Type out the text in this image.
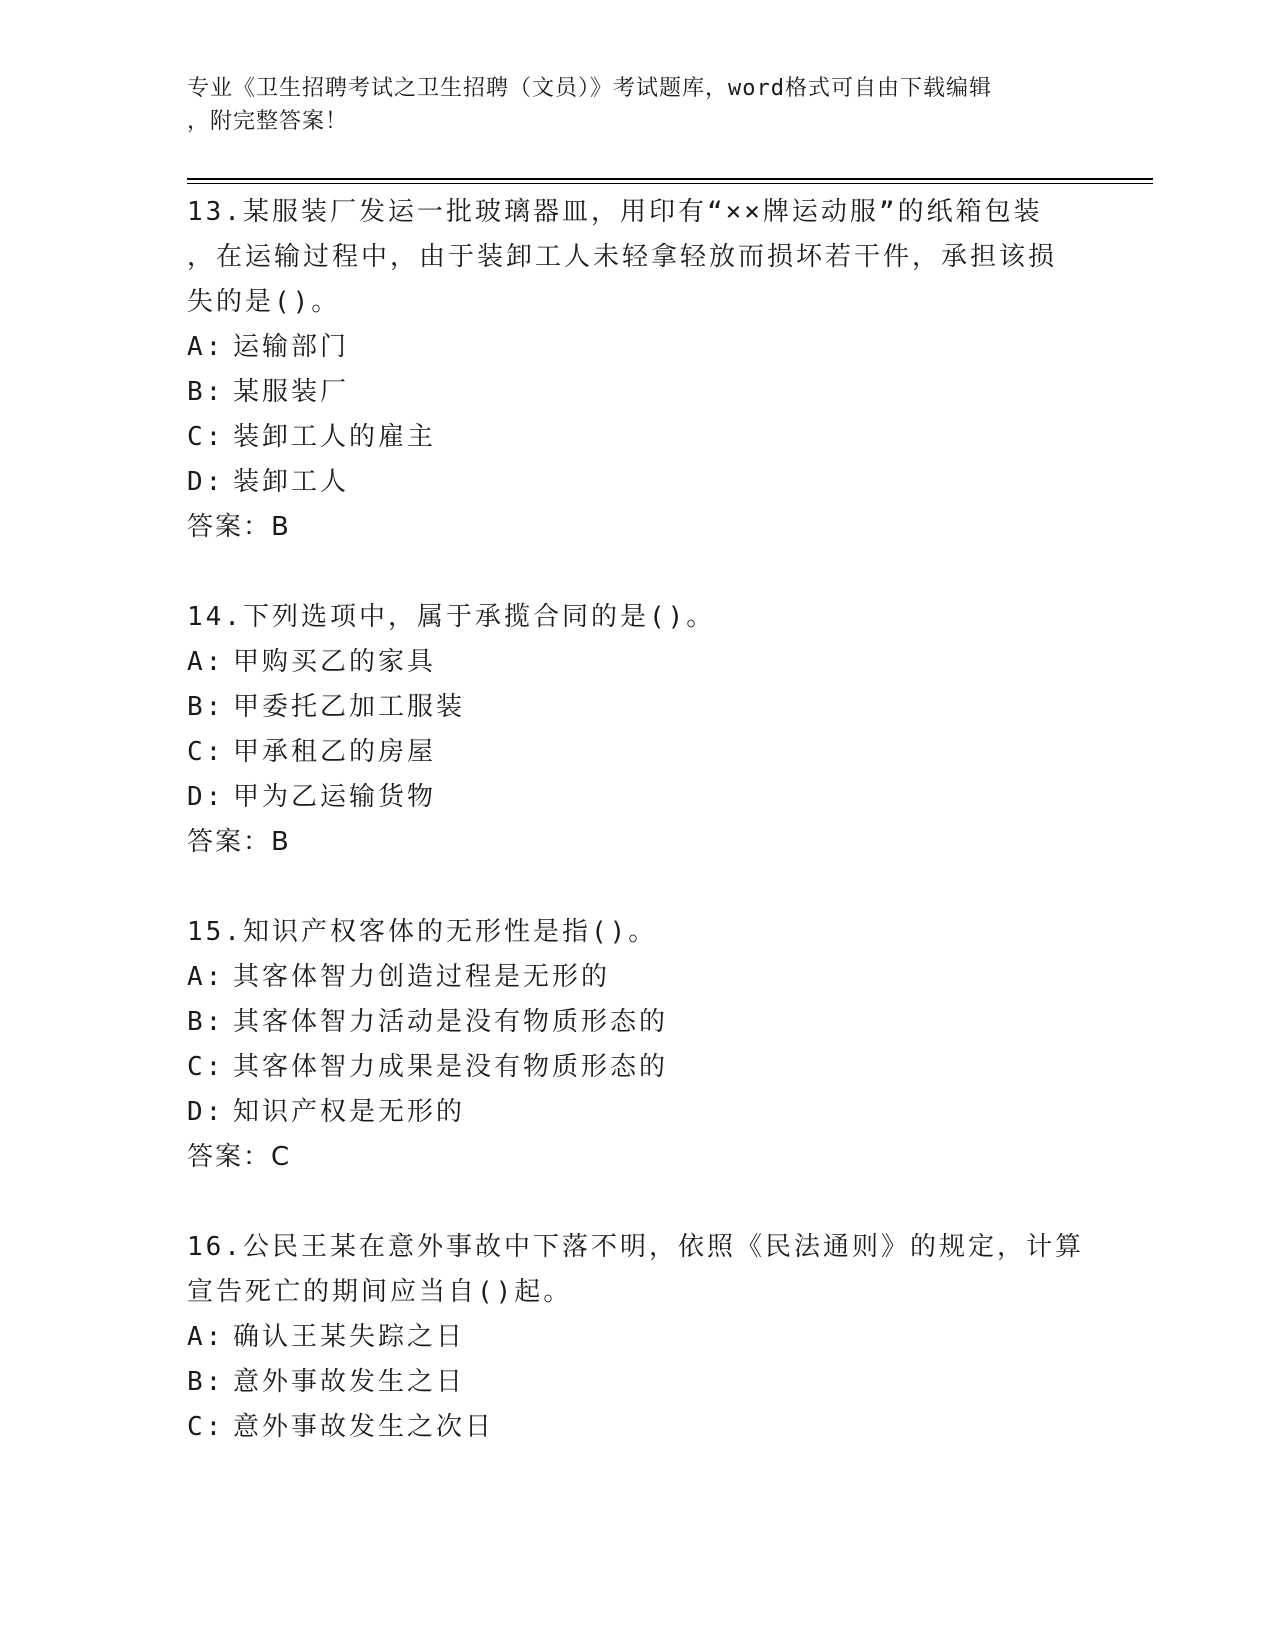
专业《卫生招聘考试之卫生招聘（文员）》考试题库，word格式可自由下载编辑
，附完整答案！
13.某服装厂发运一批玻璃器皿，用印有“××牌运动服”的纸箱包装
，在运输过程中，由于装卸工人未轻拿轻放而损坏若干件，承担该损
失的是()。
A: 运输部门
B: 某服装厂
C: 装卸工人的雇主
D: 装卸工人
答案：B
14.下列选项中，属于承揽合同的是()。
A: 甲购买乙的家具
B: 甲委托乙加工服装
C: 甲承租乙的房屋
D: 甲为乙运输货物
答案：B
15.知识产权客体的无形性是指()。
A: 其客体智力创造过程是无形的
B: 其客体智力活动是没有物质形态的
C: 其客体智力成果是没有物质形态的
D: 知识产权是无形的
答案：C
16.公民王某在意外事故中下落不明，依照《民法通则》的规定，计算
宣告死亡的期间应当自()起。
A: 确认王某失踪之日
B: 意外事故发生之日
C: 意外事故发生之次日
